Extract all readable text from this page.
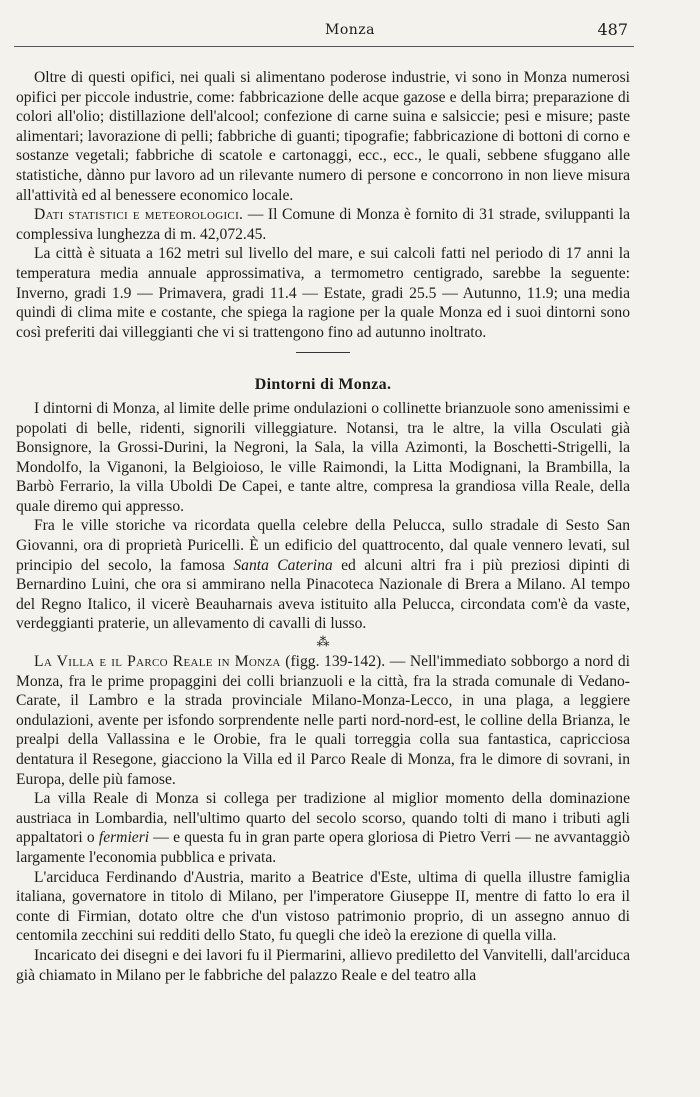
Monza	487

Oltre di questi opifici, nei quali si alimentano poderose industrie, vi sono in Monza numerosi opifici per piccole industrie, come: fabbricazione delle acque gazose e della birra; preparazione di colori all'olio; distillazione dell'alcool; confezione di carne suina e salsiccie; pesi e misure; paste alimentari; lavorazione di pelli; fabbriche di guanti; tipografie; fabbricazione di bottoni di corno e sostanze vegetali; fabbriche di scatole e cartonaggi, ecc., ecc., le quali, sebbene sfuggano alle statistiche, dànno pur lavoro ad un rilevante numero di persone e concorrono in non lieve misura all'attività ed al benessere economico locale.

Dati statistici e meteorologici. — Il Comune di Monza è fornito di 31 strade, sviluppanti la complessiva lunghezza di m. 42,072.45.

La città è situata a 162 metri sul livello del mare, e sui calcoli fatti nel periodo di 17 anni la temperatura media annuale approssimativa, a termometro centigrado, sarebbe la seguente: Inverno, gradi 1.9 — Primavera, gradi 11.4 — Estate, gradi 25.5 — Autunno, 11.9; una media quindi di clima mite e costante, che spiega la ragione per la quale Monza ed i suoi dintorni sono così preferiti dai villeggianti che vi si trattengono fino ad autunno inoltrato.

Dintorni di Monza.

I dintorni di Monza, al limite delle prime ondulazioni o collinette brianzuole sono amenissimi e popolati di belle, ridenti, signorili villeggiature. Notansi, tra le altre, la villa Osculati già Bonsignore, la Grossi-Durini, la Negroni, la Sala, la villa Azimonti, la Boschetti-Strigelli, la Mondolfo, la Viganoni, la Belgioioso, le ville Raimondi, la Litta Modignani, la Brambilla, la Barbò Ferrario, la villa Uboldi De Capei, e tante altre, compresa la grandiosa villa Reale, della quale diremo qui appresso.

Fra le ville storiche va ricordata quella celebre della Pelucca, sullo stradale di Sesto San Giovanni, ora di proprietà Puricelli. È un edificio del quattrocento, dal quale vennero levati, sul principio del secolo, la famosa Santa Caterina ed alcuni altri fra i più preziosi dipinti di Bernardino Luini, che ora si ammirano nella Pinacoteca Nazionale di Brera a Milano. Al tempo del Regno Italico, il vicerè Beauharnais aveva istituito alla Pelucca, circondata com'è da vaste, verdeggianti praterie, un allevamento di cavalli di lusso.

⁂

La Villa e il Parco Reale in Monza (figg. 139-142). — Nell'immediato sobborgo a nord di Monza, fra le prime propaggini dei colli brianzuoli e la città, fra la strada comunale di Vedano-Carate, il Lambro e la strada provinciale Milano-Monza-Lecco, in una plaga, a leggiere ondulazioni, avente per isfondo sorprendente nelle parti nord-nord-est, le colline della Brianza, le prealpi della Vallassina e le Orobie, fra le quali torreggia colla sua fantastica, capricciosa dentatura il Resegone, giacciono la Villa ed il Parco Reale di Monza, fra le dimore di sovrani, in Europa, delle più famose.

La villa Reale di Monza si collega per tradizione al miglior momento della dominazione austriaca in Lombardia, nell'ultimo quarto del secolo scorso, quando tolti di mano i tributi agli appaltatori o fermieri — e questa fu in gran parte opera gloriosa di Pietro Verri — ne avvantaggiò largamente l'economia pubblica e privata.

L'arciduca Ferdinando d'Austria, marito a Beatrice d'Este, ultima di quella illustre famiglia italiana, governatore in titolo di Milano, per l'imperatore Giuseppe II, mentre di fatto lo era il conte di Firmian, dotato oltre che d'un vistoso patrimonio proprio, di un assegno annuo di centomila zecchini sui redditi dello Stato, fu quegli che ideò la erezione di quella villa.

Incaricato dei disegni e dei lavori fu il Piermarini, allievo prediletto del Vanvitelli, dall'arciduca già chiamato in Milano per le fabbriche del palazzo Reale e del teatro alla
